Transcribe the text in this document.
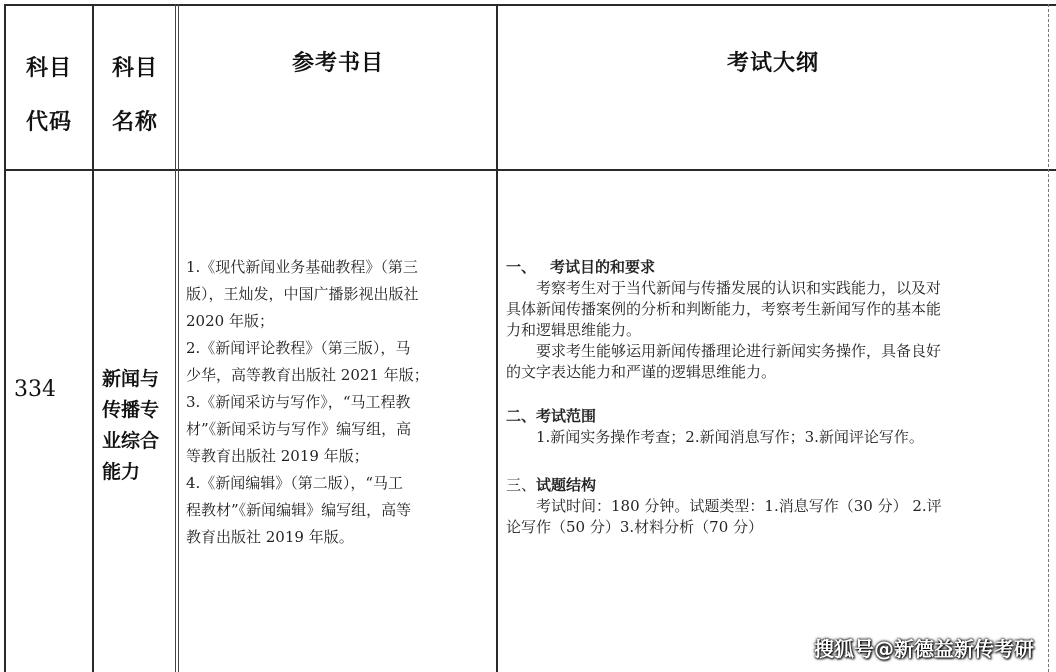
科目
代码
科目
名称
参考书目	考试大纲
334 新闻与
传播专
业综合
能力
1.《现代新闻业务基础教程》（第三
版），王灿发，中国广播影视出版社
2020 年版；
2.《新闻评论教程》（第三版），马
少华，高等教育出版社 2021 年版；
3.《新闻采访与写作》，“马工程教
材”《新闻采访与写作》编写组，高
等教育出版社 2019 年版；
4.《新闻编辑》（第二版），“马工
程教材”《新闻编辑》编写组，高等
教育出版社 2019 年版。
一、 考试目的和要求
考察考生对于当代新闻与传播发展的认识和实践能力，以及对
具体新闻传播案例的分析和判断能力，考察考生新闻写作的基本能
力和逻辑思维能力。
要求考生能够运用新闻传播理论进行新闻实务操作，具备良好
的文字表达能力和严谨的逻辑思维能力。
二、考试范围
1.新闻实务操作考查；2.新闻消息写作；3.新闻评论写作。
三、试题结构
考试时间：180 分钟。试题类型：1.消息写作（30 分） 2.评
论写作（50 分）3.材料分析（70 分）
搜狐号@新德益新传考研
